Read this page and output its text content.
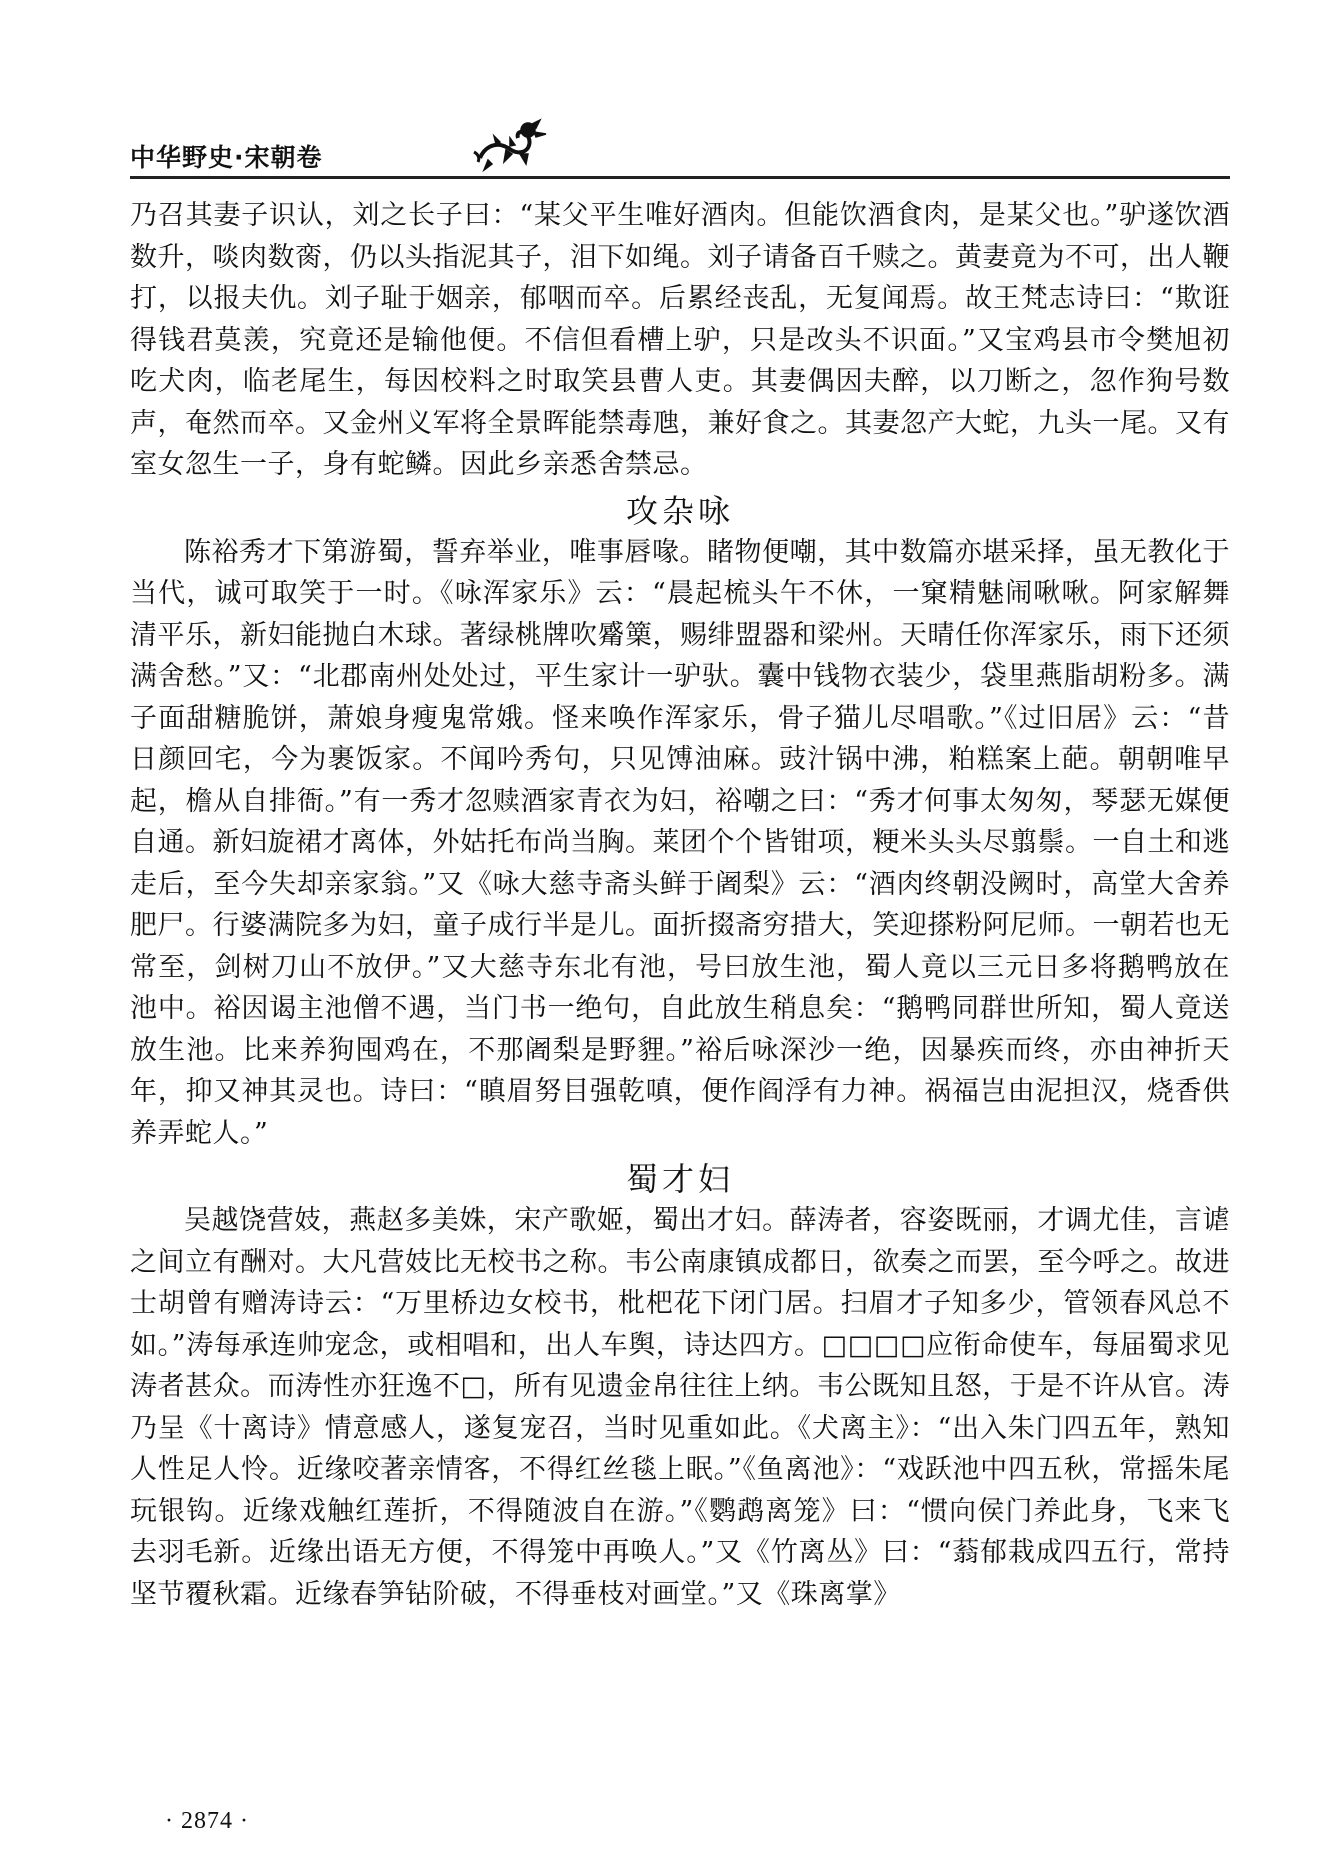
中华野史·宋朝卷

乃召其妻子识认，刘之长子曰：“某父平生唯好酒肉。但能饮酒食肉，是某父也。”驴遂饮酒数升，啖肉数脔，仍以头指泥其子，泪下如绳。刘子请备百千赎之。黄妻竟为不可，出人鞭打，以报夫仇。刘子耻于姻亲，郁咽而卒。后累经丧乱，无复闻焉。故王梵志诗曰：“欺诳得钱君莫羡，究竟还是输他便。不信但看槽上驴，只是改头不识面。”又宝鸡县市令樊旭初吃犬肉，临老尾生，每因校料之时取笑县曹人吏。其妻偶因夫醉，以刀断之，忽作狗号数声，奄然而卒。又金州义军将全景晖能禁毒虺，兼好食之。其妻忽产大蛇，九头一尾。又有室女忽生一子，身有蛇鳞。因此乡亲悉舍禁忌。

攻杂咏

陈裕秀才下第游蜀，誓弃举业，唯事唇喙。睹物便嘲，其中数篇亦堪采择，虽无教化于当代，诚可取笑于一时。《咏浑家乐》云：“晨起梳头午不休，一窠精魅闹啾啾。阿家解舞清平乐，新妇能抛白木球。著绿桃牌吹觱篥，赐绯盟器和梁州。天晴任你浑家乐，雨下还须满舍愁。”又：“北郡南州处处过，平生家计一驴驮。囊中钱物衣装少，袋里燕脂胡粉多。满子面甜糖脆饼，萧娘身瘦鬼常娥。怪来唤作浑家乐，骨子猫儿尽唱歌。”《过旧居》云：“昔日颜回宅，今为裹饭家。不闻吟秀句，只见馎油麻。豉汁锅中沸，粕糕案上葩。朝朝唯早起，檐从自排衙。”有一秀才忽赎酒家青衣为妇，裕嘲之曰：“秀才何事太匆匆，琴瑟无媒便自通。新妇旋裙才离体，外姑托布尚当胸。莱团个个皆钳项，粳米头头尽翦鬃。一自土和逃走后，至今失却亲家翁。”又《咏大慈寺斋头鲜于阇梨》云：“酒肉终朝没阙时，高堂大舍养肥尸。行婆满院多为妇，童子成行半是儿。面折掇斋穷措大，笑迎搽粉阿尼师。一朝若也无常至，剑树刀山不放伊。”又大慈寺东北有池，号曰放生池，蜀人竟以三元日多将鹅鸭放在池中。裕因谒主池僧不遇，当门书一绝句，自此放生稍息矣：“鹅鸭同群世所知，蜀人竟送放生池。比来养狗囤鸡在，不那阇梨是野貍。”裕后咏深沙一绝，因暴疾而终，亦由神折天年，抑又神其灵也。诗曰：“瞋眉努目强乾嗔，便作阎浮有力神。祸福岂由泥担汉，烧香供养弄蛇人。”

蜀才妇

吴越饶营妓，燕赵多美姝，宋产歌姬，蜀出才妇。薛涛者，容姿既丽，才调尤佳，言谑之间立有酬对。大凡营妓比无校书之称。韦公南康镇成都日，欲奏之而罢，至今呼之。故进士胡曾有赠涛诗云：“万里桥边女校书，枇杷花下闭门居。扫眉才子知多少，管领春风总不如。”涛每承连帅宠念，或相唱和，出人车舆，诗达四方。□□□□应衔命使车，每届蜀求见涛者甚众。而涛性亦狂逸不□，所有见遗金帛往往上纳。韦公既知且怒，于是不许从官。涛乃呈《十离诗》情意感人，遂复宠召，当时见重如此。《犬离主》：“出入朱门四五年，熟知人性足人怜。近缘咬著亲情客，不得红丝毯上眠。”《鱼离池》：“戏跃池中四五秋，常摇朱尾玩银钩。近缘戏触红莲折，不得随波自在游。”《鹦鹉离笼》曰：“惯向侯门养此身，飞来飞去羽毛新。近缘出语无方便，不得笼中再唤人。”又《竹离丛》曰：“蓊郁栽成四五行，常持坚节覆秋霜。近缘春笋钻阶破，不得垂枝对画堂。”又《珠离掌》

· 2874 ·
